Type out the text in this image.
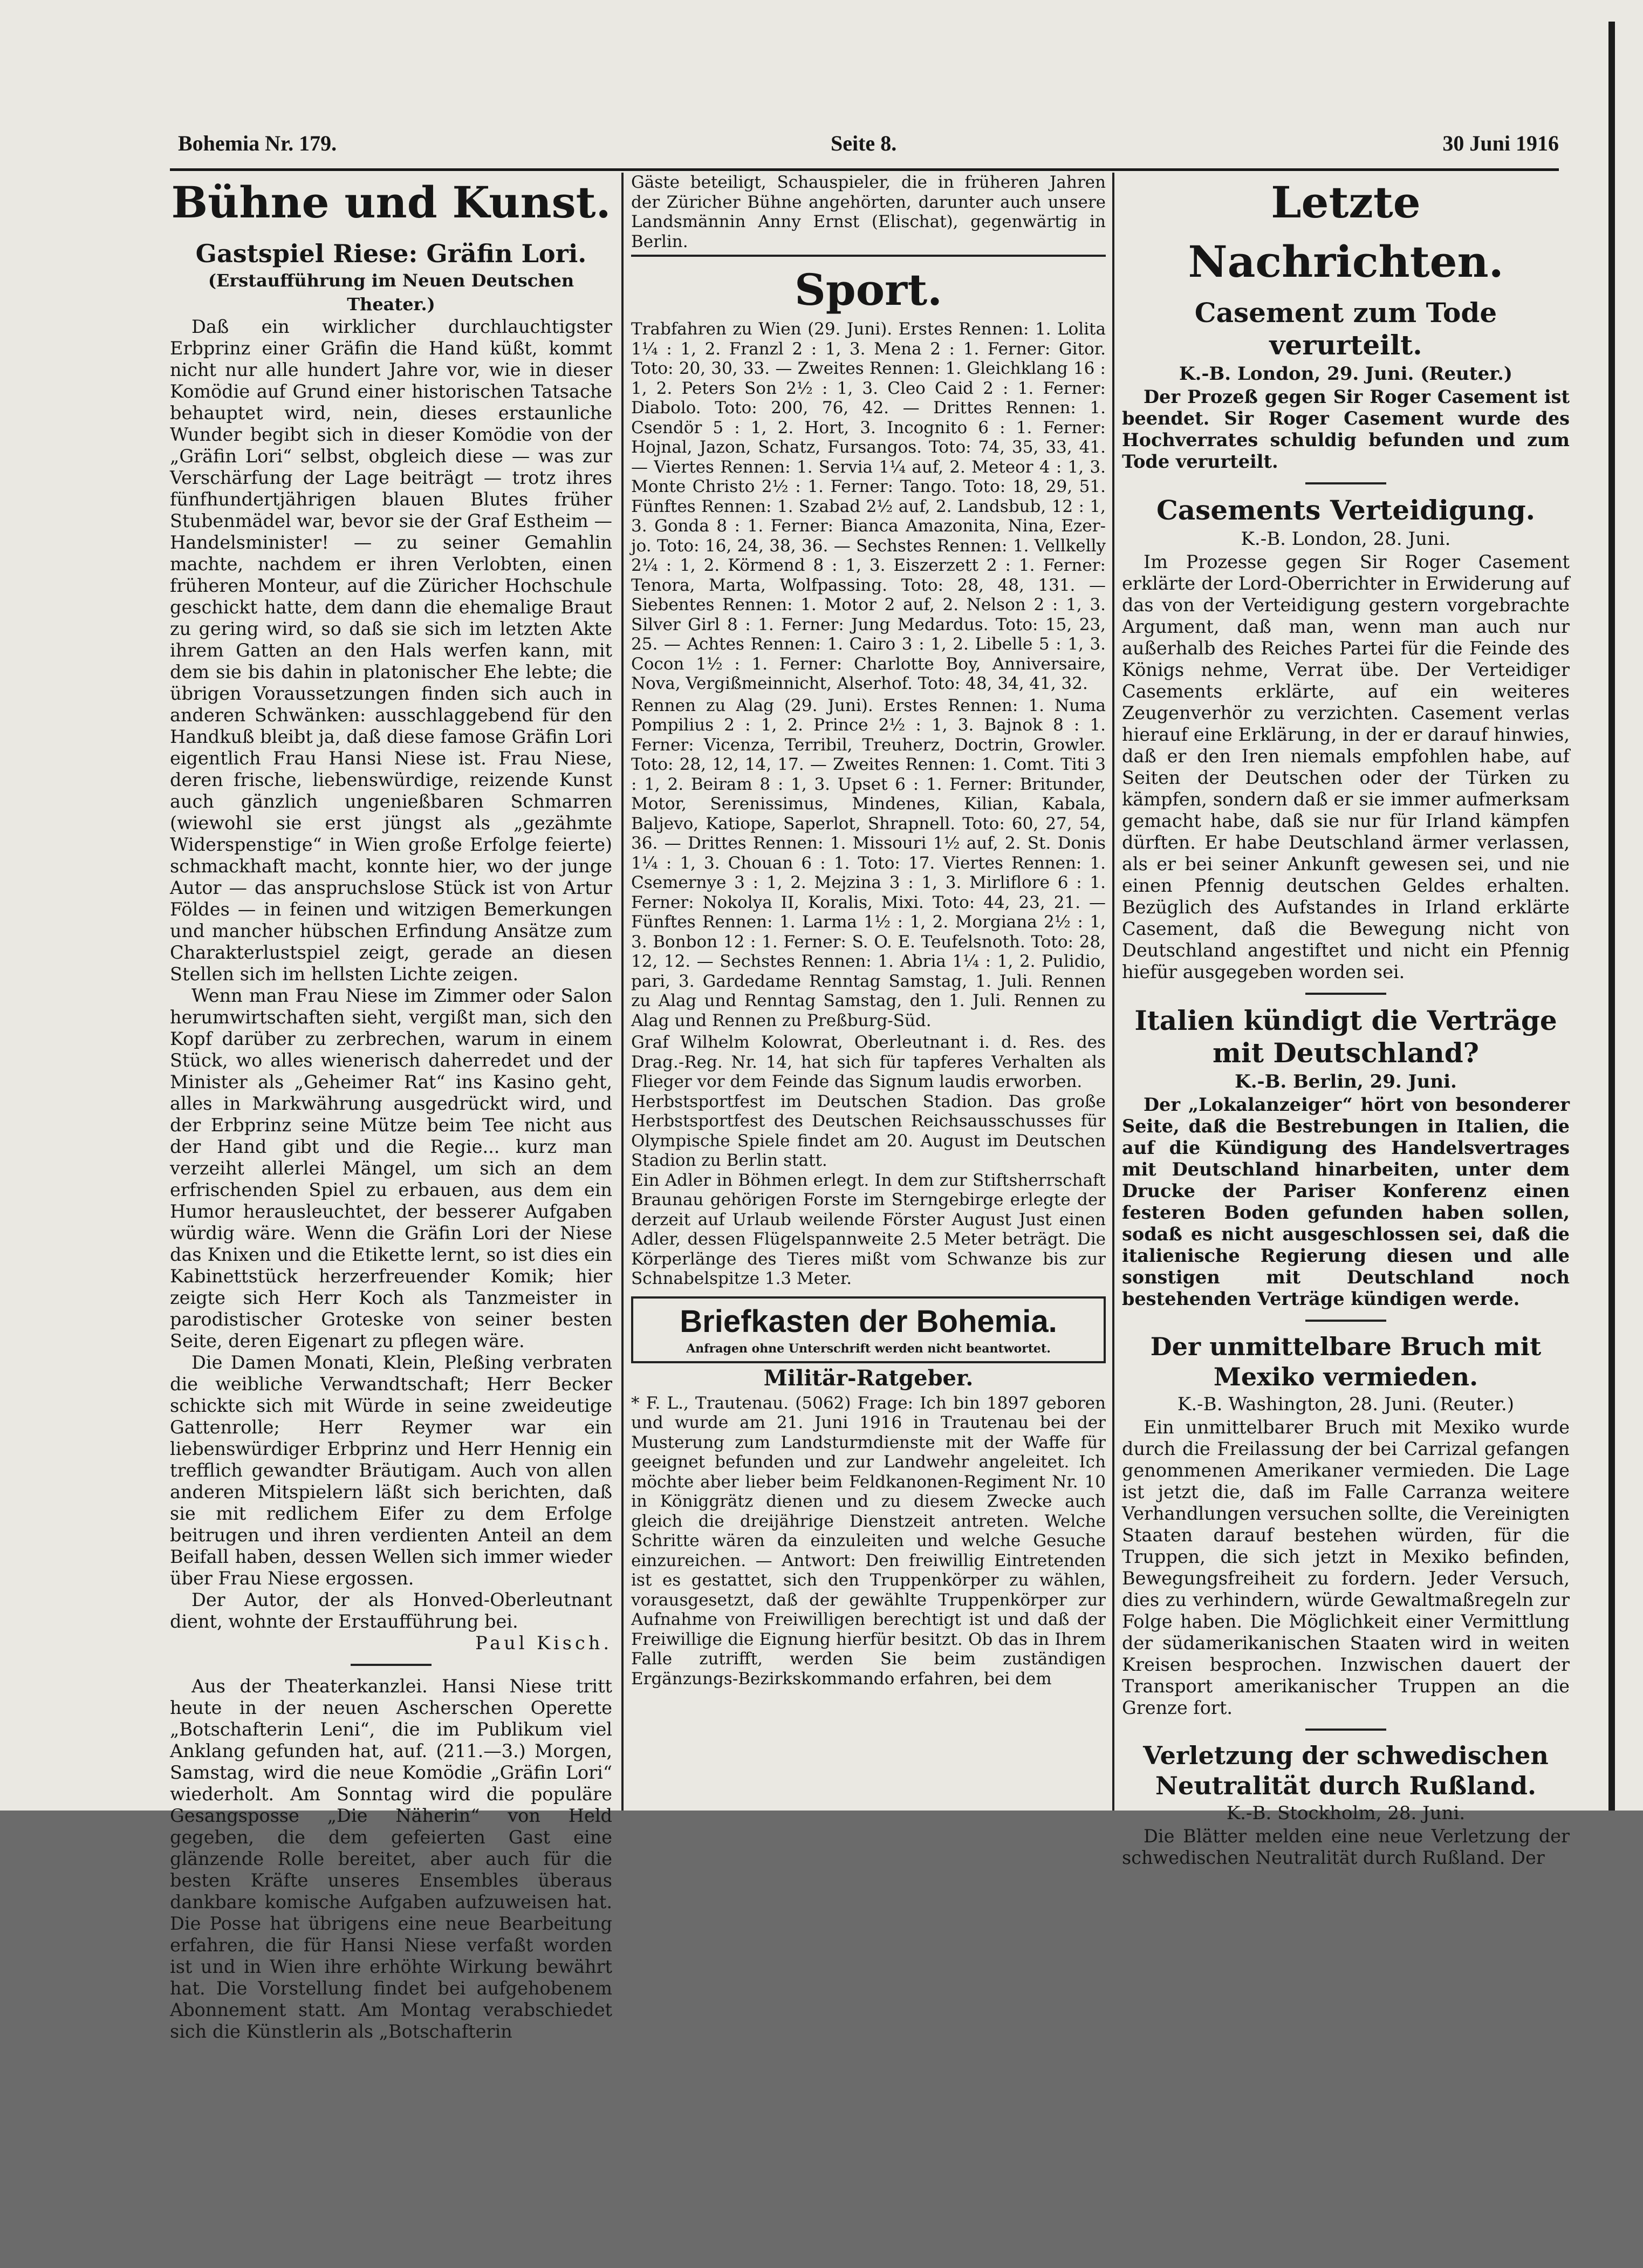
Bohemia Nr. 179.	Seite 8.	30 Juni 1916
Bühne und Kunst.
Gastspiel Riese: Gräfin Lori.
(Erstaufführung im Neuen Deutschen Theater.)

Daß ein wirklicher durchlauchtigster Erbprinz einer Gräfin die Hand küßt, kommt nicht nur alle hundert Jahre vor, wie in dieser Komödie auf Grund einer historischen Tatsache behauptet wird, nein, dieses erstaunliche Wunder begibt sich in dieser Komödie von der „Gräfin Lori“ selbst, obgleich diese — was zur Verschärfung der Lage beiträgt — trotz ihres fünfhundertjährigen blauen Blutes früher Stubenmädel war, bevor sie der Graf Estheim — Handelsminister! — zu seiner Gemahlin machte, nachdem er ihren Verlobten, einen früheren Monteur, auf die Züricher Hochschule geschickt hatte, dem dann die ehemalige Braut zu gering wird, so daß sie sich im letzten Akte ihrem Gatten an den Hals werfen kann, mit dem sie bis dahin in platonischer Ehe lebte; die übrigen Voraussetzungen finden sich auch in anderen Schwänken: ausschlaggebend für den Handkuß bleibt ja, daß diese famose Gräfin Lori eigentlich Frau Hansi Niese ist. Frau Niese, deren frische, liebenswürdige, reizende Kunst auch gänzlich ungenießbaren Schmarren (wiewohl sie erst jüngst als „gezähmte Widerspenstige“ in Wien große Erfolge feierte) schmackhaft macht, konnte hier, wo der junge Autor — das anspruchslose Stück ist von Artur Földes — in feinen und witzigen Bemerkungen und mancher hübschen Erfindung Ansätze zum Charakterlustspiel zeigt, gerade an diesen Stellen sich im hellsten Lichte zeigen.

Wenn man Frau Niese im Zimmer oder Salon herumwirtschaften sieht, vergißt man, sich den Kopf darüber zu zerbrechen, warum in einem Stück, wo alles wienerisch daherredet und der Minister als „Geheimer Rat“ ins Kasino geht, alles in Markwährung ausgedrückt wird, und der Erbprinz seine Mütze beim Tee nicht aus der Hand gibt und die Regie... kurz man verzeiht allerlei Mängel, um sich an dem erfrischenden Spiel zu erbauen, aus dem ein Humor herausleuchtet, der besserer Aufgaben würdig wäre. Wenn die Gräfin Lori der Niese das Knixen und die Etikette lernt, so ist dies ein Kabinettstück herzerfreuender Komik; hier zeigte sich Herr Koch als Tanzmeister in parodistischer Groteske von seiner besten Seite, deren Eigenart zu pflegen wäre.

Die Damen Monati, Klein, Pleßing verbraten die weibliche Verwandtschaft; Herr Becker schickte sich mit Würde in seine zweideutige Gattenrolle; Herr Reymer war ein liebenswürdiger Erbprinz und Herr Hennig ein trefflich gewandter Bräutigam. Auch von allen anderen Mitspielern läßt sich berichten, daß sie mit redlichem Eifer zu dem Erfolge beitrugen und ihren verdienten Anteil an dem Beifall haben, dessen Wellen sich immer wieder über Frau Niese ergossen.

Der Autor, der als Honved-Oberleutnant dient, wohnte der Erstaufführung bei.

Paul Kisch.

Aus der Theaterkanzlei. Hansi Niese tritt heute in der neuen Ascherschen Operette „Botschafterin Leni“, die im Publikum viel Anklang gefunden hat, auf. (211.—3.) Morgen, Samstag, wird die neue Komödie „Gräfin Lori“ wiederholt. Am Sonntag wird die populäre Gesangsposse „Die Näherin“ von Held gegeben, die dem gefeierten Gast eine glänzende Rolle bereitet, aber auch für die besten Kräfte unseres Ensembles überaus dankbare komische Aufgaben aufzuweisen hat. Die Posse hat übrigens eine neue Bearbeitung erfahren, die für Hansi Niese verfaßt worden ist und in Wien ihre erhöhte Wirkung bewährt hat. Die Vorstellung findet bei aufgehobenem Abonnement statt. Am Montag verabschiedet sich die Künstlerin als „Botschafterin

Gäste beteiligt, Schauspieler, die in früheren Jahren der Züricher Bühne angehörten, darunter auch unsere Landsmännin Anny Ernst (Elischat), gegenwärtig in Berlin.

Sport.

Trabfahren zu Wien (29. Juni). Erstes Rennen: 1. Lolita 1¼ : 1, 2. Franzl 2 : 1, 3. Mena 2 : 1. Ferner: Gitor. Toto: 20, 30, 33. — Zweites Rennen: 1. Gleichklang 16 : 1, 2. Peters Son 2½ : 1, 3. Cleo Caid 2 : 1. Ferner: Diabolo. Toto: 200, 76, 42. — Drittes Rennen: 1. Csendör 5 : 1, 2. Hort, 3. Incognito 6 : 1. Ferner: Hojnal, Jazon, Schatz, Fursangos. Toto: 74, 35, 33, 41. — Viertes Rennen: 1. Servia 1¼ auf, 2. Meteor 4 : 1, 3. Monte Christo 2½ : 1. Ferner: Tango. Toto: 18, 29, 51. Fünftes Rennen: 1. Szabad 2½ auf, 2. Landsbub, 12 : 1, 3. Gonda 8 : 1. Ferner: Bianca Amazonita, Nina, Ezer-jo. Toto: 16, 24, 38, 36. — Sechstes Rennen: 1. Vellkelly 2¼ : 1, 2. Körmend 8 : 1, 3. Eiszerzett 2 : 1. Ferner: Tenora, Marta, Wolfpassing. Toto: 28, 48, 131. — Siebentes Rennen: 1. Motor 2 auf, 2. Nelson 2 : 1, 3. Silver Girl 8 : 1. Ferner: Jung Medardus. Toto: 15, 23, 25. — Achtes Rennen: 1. Cairo 3 : 1, 2. Libelle 5 : 1, 3. Cocon 1½ : 1. Ferner: Charlotte Boy, Anniversaire, Nova, Vergißmeinnicht, Alserhof. Toto: 48, 34, 41, 32.

Rennen zu Alag (29. Juni). Erstes Rennen: 1. Numa Pompilius 2 : 1, 2. Prince 2½ : 1, 3. Bajnok 8 : 1. Ferner: Vicenza, Terribil, Treuherz, Doctrin, Growler. Toto: 28, 12, 14, 17. — Zweites Rennen: 1. Comt. Titi 3 : 1, 2. Beiram 8 : 1, 3. Upset 6 : 1. Ferner: Britunder, Motor, Serenissimus, Mindenes, Kilian, Kabala, Baljevo, Katiope, Saperlot, Shrapnell. Toto: 60, 27, 54, 36. — Drittes Rennen: 1. Missouri 1½ auf, 2. St. Donis 1¼ : 1, 3. Chouan 6 : 1. Toto: 17. Viertes Rennen: 1. Csemernye 3 : 1, 2. Mejzina 3 : 1, 3. Mirliflore 6 : 1. Ferner: Nokolya II, Koralis, Mixi. Toto: 44, 23, 21. — Fünftes Rennen: 1. Larma 1½ : 1, 2. Morgiana 2½ : 1, 3. Bonbon 12 : 1. Ferner: S. O. E. Teufelsnoth. Toto: 28, 12, 12. — Sechstes Rennen: 1. Abria 1¼ : 1, 2. Pulidio, pari, 3. Gardedame Renntag Samstag, 1. Juli. Rennen zu Alag und Renntag Samstag, den 1. Juli. Rennen zu Alag und Rennen zu Preßburg-Süd.

Graf Wilhelm Kolowrat, Oberleutnant i. d. Res. des Drag.-Reg. Nr. 14, hat sich für tapferes Verhalten als Flieger vor dem Feinde das Signum laudis erworben.

Herbstsportfest im Deutschen Stadion. Das große Herbstsportfest des Deutschen Reichsausschusses für Olympische Spiele findet am 20. August im Deutschen Stadion zu Berlin statt.

Ein Adler in Böhmen erlegt. In dem zur Stiftsherrschaft Braunau gehörigen Forste im Sterngebirge erlegte der derzeit auf Urlaub weilende Förster August Just einen Adler, dessen Flügelspannweite 2.5 Meter beträgt. Die Körperlänge des Tieres mißt vom Schwanze bis zur Schnabelspitze 1.3 Meter.

Briefkasten der Bohemia.
Anfragen ohne Unterschrift werden nicht beantwortet.
Militär-Ratgeber.

* F. L., Trautenau. (5062) Frage: Ich bin 1897 geboren und wurde am 21. Juni 1916 in Trautenau bei der Musterung zum Landsturmdienste mit der Waffe für geeignet befunden und zur Landwehr angeleitet. Ich möchte aber lieber beim Feldkanonen-Regiment Nr. 10 in Königgrätz dienen und zu diesem Zwecke auch gleich die dreijährige Dienstzeit antreten. Welche Schritte wären da einzuleiten und welche Gesuche einzureichen. — Antwort: Den freiwillig Eintretenden ist es gestattet, sich den Truppenkörper zu wählen, vorausgesetzt, daß der gewählte Truppenkörper zur Aufnahme von Freiwilligen berechtigt ist und daß der Freiwillige die Eignung hierfür besitzt. Ob das in Ihrem Falle zutrifft, werden Sie beim zuständigen Ergänzungs-Bezirkskommando erfahren, bei dem

Letzte Nachrichten.
Casement zum Tode verurteilt.
K.-B. London, 29. Juni. (Reuter.)

Der Prozeß gegen Sir Roger Casement ist beendet. Sir Roger Casement wurde des Hochverrates schuldig befunden und zum Tode verurteilt.

Casements Verteidigung.
K.-B. London, 28. Juni.

Im Prozesse gegen Sir Roger Casement erklärte der Lord-Oberrichter in Erwiderung auf das von der Verteidigung gestern vorgebrachte Argument, daß man, wenn man auch nur außerhalb des Reiches Partei für die Feinde des Königs nehme, Verrat übe. Der Verteidiger Casements erklärte, auf ein weiteres Zeugenverhör zu verzichten. Casement verlas hierauf eine Erklärung, in der er darauf hinwies, daß er den Iren niemals empfohlen habe, auf Seiten der Deutschen oder der Türken zu kämpfen, sondern daß er sie immer aufmerksam gemacht habe, daß sie nur für Irland kämpfen dürften. Er habe Deutschland ärmer verlassen, als er bei seiner Ankunft gewesen sei, und nie einen Pfennig deutschen Geldes erhalten. Bezüglich des Aufstandes in Irland erklärte Casement, daß die Bewegung nicht von Deutschland angestiftet und nicht ein Pfennig hiefür ausgegeben worden sei.

Italien kündigt die Verträge mit Deutschland?
K.-B. Berlin, 29. Juni.

Der „Lokalanzeiger“ hört von besonderer Seite, daß die Bestrebungen in Italien, die auf die Kündigung des Handelsvertrages mit Deutschland hinarbeiten, unter dem Drucke der Pariser Konferenz einen festeren Boden gefunden haben sollen, sodaß es nicht ausgeschlossen sei, daß die italienische Regierung diesen und alle sonstigen mit Deutschland noch bestehenden Verträge kündigen werde.

Der unmittelbare Bruch mit Mexiko vermieden.
K.-B. Washington, 28. Juni. (Reuter.)

Ein unmittelbarer Bruch mit Mexiko wurde durch die Freilassung der bei Carrizal gefangen genommenen Amerikaner vermieden. Die Lage ist jetzt die, daß im Falle Carranza weitere Verhandlungen versuchen sollte, die Vereinigten Staaten darauf bestehen würden, für die Truppen, die sich jetzt in Mexiko befinden, Bewegungsfreiheit zu fordern. Jeder Versuch, dies zu verhindern, würde Gewaltmaßregeln zur Folge haben. Die Möglichkeit einer Vermittlung der südamerikanischen Staaten wird in weiten Kreisen besprochen. Inzwischen dauert der Transport amerikanischer Truppen an die Grenze fort.

Verletzung der schwedischen Neutralität durch Rußland.
K.-B. Stockholm, 28. Juni.

Die Blätter melden eine neue Verletzung der schwedischen Neutralität durch Rußland. Der
